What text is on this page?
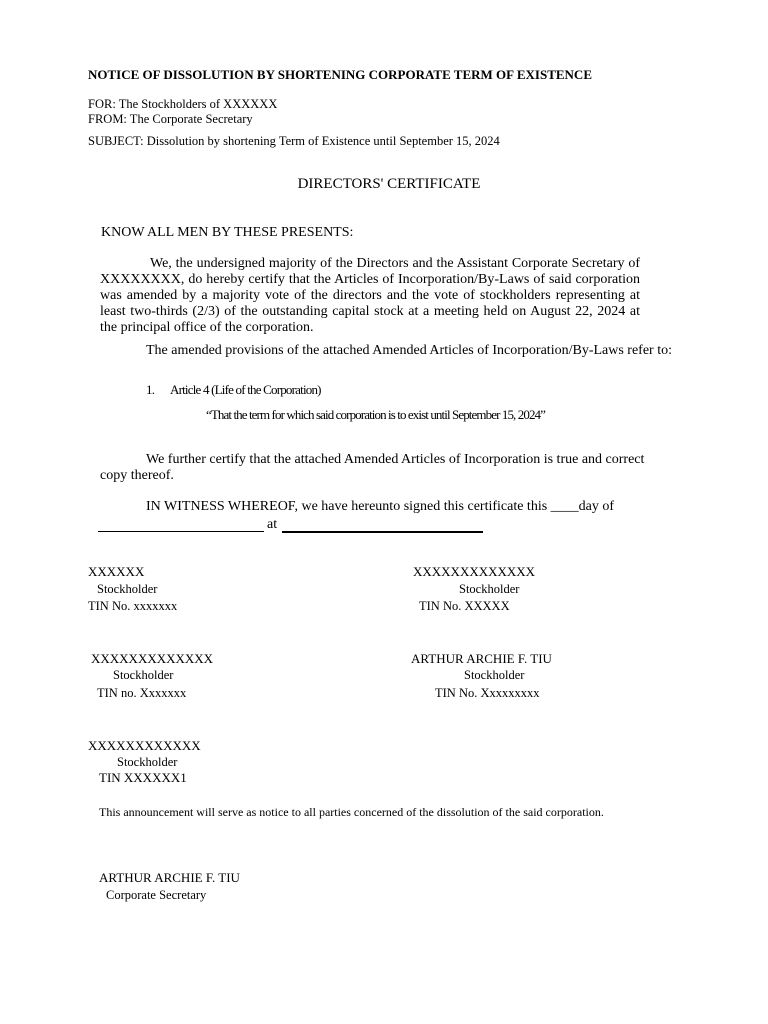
NOTICE OF DISSOLUTION BY SHORTENING CORPORATE TERM OF EXISTENCE
FOR: The Stockholders of XXXXXX
FROM: The Corporate Secretary
SUBJECT: Dissolution by shortening Term of Existence until September 15, 2024
DIRECTORS' CERTIFICATE
KNOW ALL MEN BY THESE PRESENTS:
We, the undersigned majority of the Directors and the Assistant Corporate Secretary of XXXXXXXX, do hereby certify that the Articles of Incorporation/By-Laws of said corporation was amended by a majority vote of the directors and the vote of stockholders representing at least two-thirds (2/3) of the outstanding capital stock at a meeting held on August 22, 2024 at the principal office of the corporation.
The amended provisions of the attached Amended Articles of Incorporation/By-Laws refer to:
1. Article 4 (Life of the Corporation)
“That the term for which said corporation is to exist until September 15, 2024”
We further certify that the attached Amended Articles of Incorporation is true and correct copy thereof.
IN WITNESS WHEREOF, we have hereunto signed this certificate this ____day of
at
XXXXXX
Stockholder
TIN No. xxxxxxx
XXXXXXXXXXXXX
Stockholder
TIN No. XXXXX
XXXXXXXXXXXXX
Stockholder
TIN no. Xxxxxxx
ARTHUR ARCHIE F. TIU
Stockholder
TIN No. Xxxxxxxxx
XXXXXXXXXXXX
Stockholder
TIN XXXXXX1
This announcement will serve as notice to all parties concerned of the dissolution of the said corporation.
ARTHUR ARCHIE F. TIU
Corporate Secretary
